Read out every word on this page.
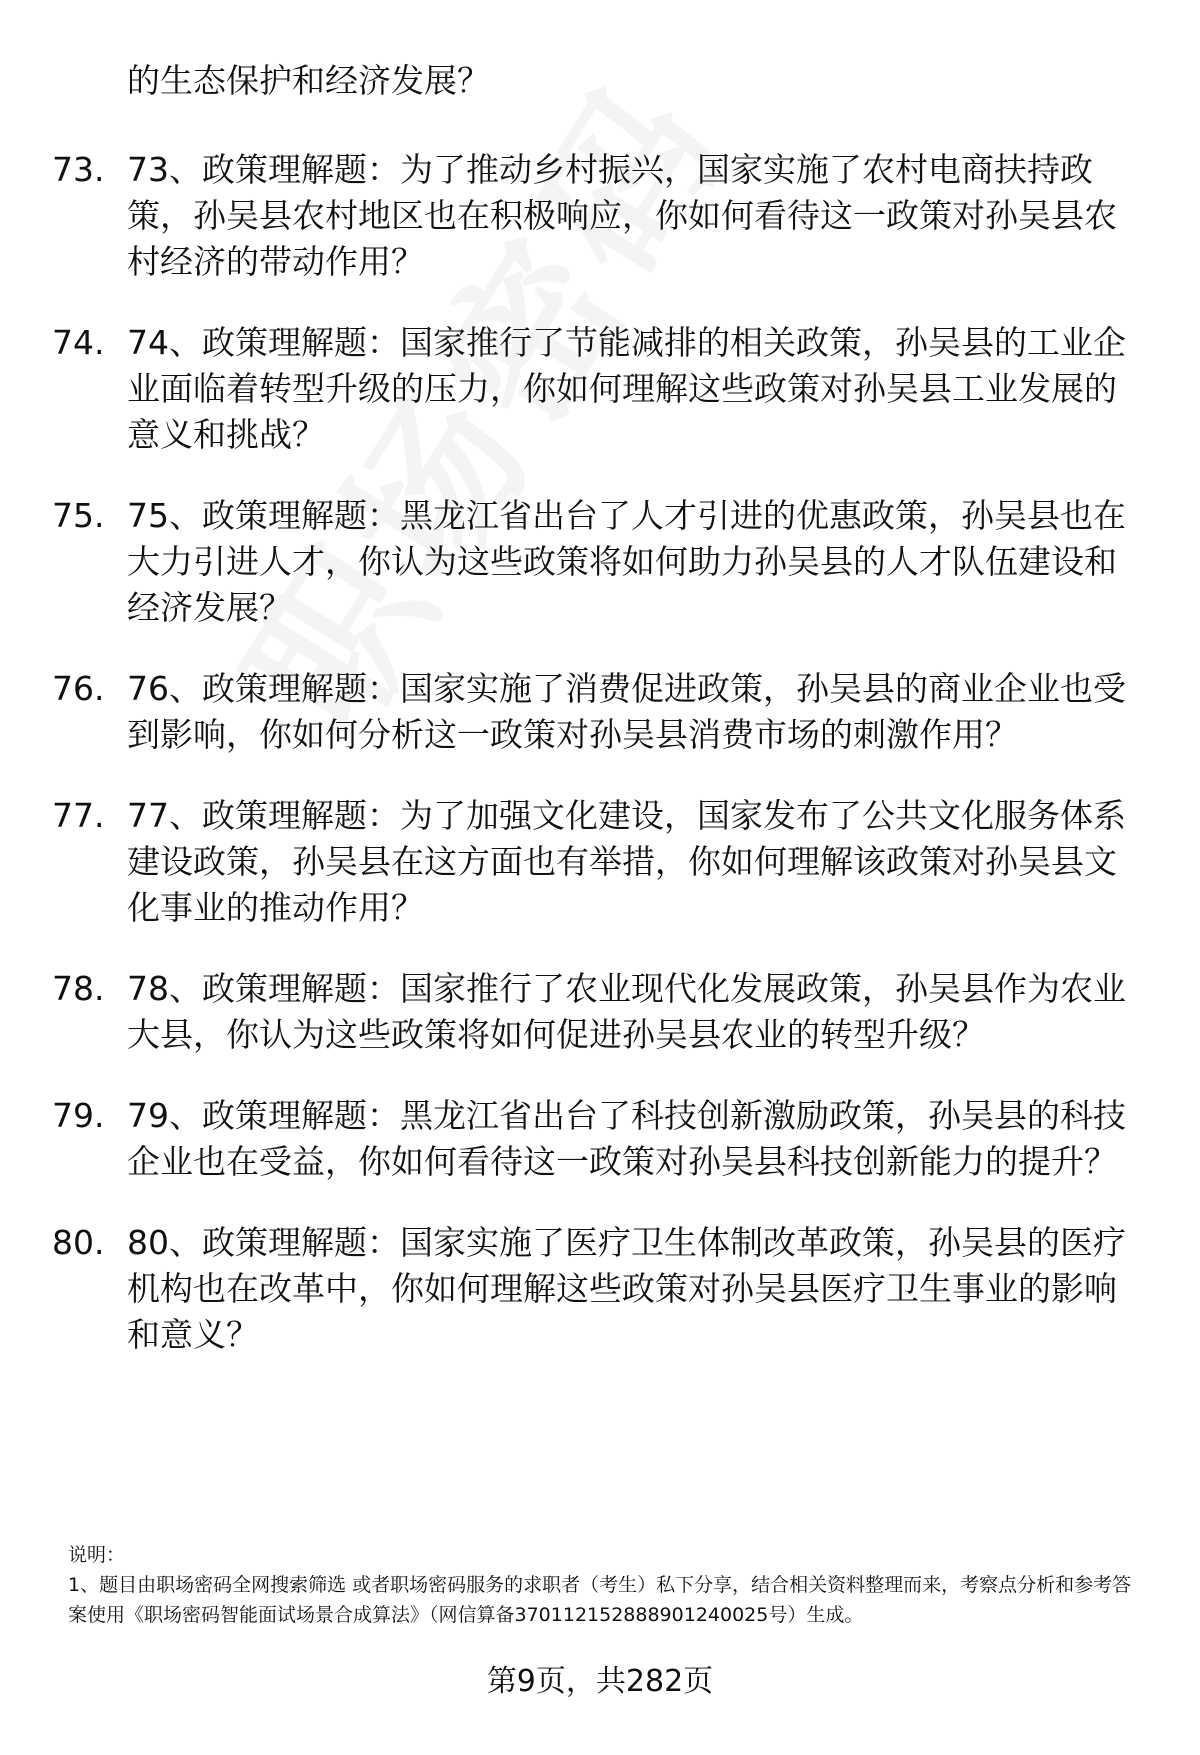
的生态保护和经济发展？

73. 73、政策理解题：为了推动乡村振兴，国家实施了农村电商扶持政策，孙吴县农村地区也在积极响应，你如何看待这一政策对孙吴县农村经济的带动作用？
74. 74、政策理解题：国家推行了节能减排的相关政策，孙吴县的工业企业面临着转型升级的压力，你如何理解这些政策对孙吴县工业发展的意义和挑战？
75. 75、政策理解题：黑龙江省出台了人才引进的优惠政策，孙吴县也在大力引进人才，你认为这些政策将如何助力孙吴县的人才队伍建设和经济发展？
76. 76、政策理解题：国家实施了消费促进政策，孙吴县的商业企业也受到影响，你如何分析这一政策对孙吴县消费市场的刺激作用？
77. 77、政策理解题：为了加强文化建设，国家发布了公共文化服务体系建设政策，孙吴县在这方面也有举措，你如何理解该政策对孙吴县文化事业的推动作用？
78. 78、政策理解题：国家推行了农业现代化发展政策，孙吴县作为农业大县，你认为这些政策将如何促进孙吴县农业的转型升级？
79. 79、政策理解题：黑龙江省出台了科技创新激励政策，孙吴县的科技企业也在受益，你如何看待这一政策对孙吴县科技创新能力的提升？
80. 80、政策理解题：国家实施了医疗卫生体制改革政策，孙吴县的医疗机构也在改革中，你如何理解这些政策对孙吴县医疗卫生事业的影响和意义？

说明：

1、题目由职场密码全网搜索筛选 或者职场密码服务的求职者（考生）私下分享，结合相关资料整理而来，考察点分析和参考答案使用《职场密码智能面试场景合成算法》（网信算备370112152888901240025号）生成。

第9页，共282页
